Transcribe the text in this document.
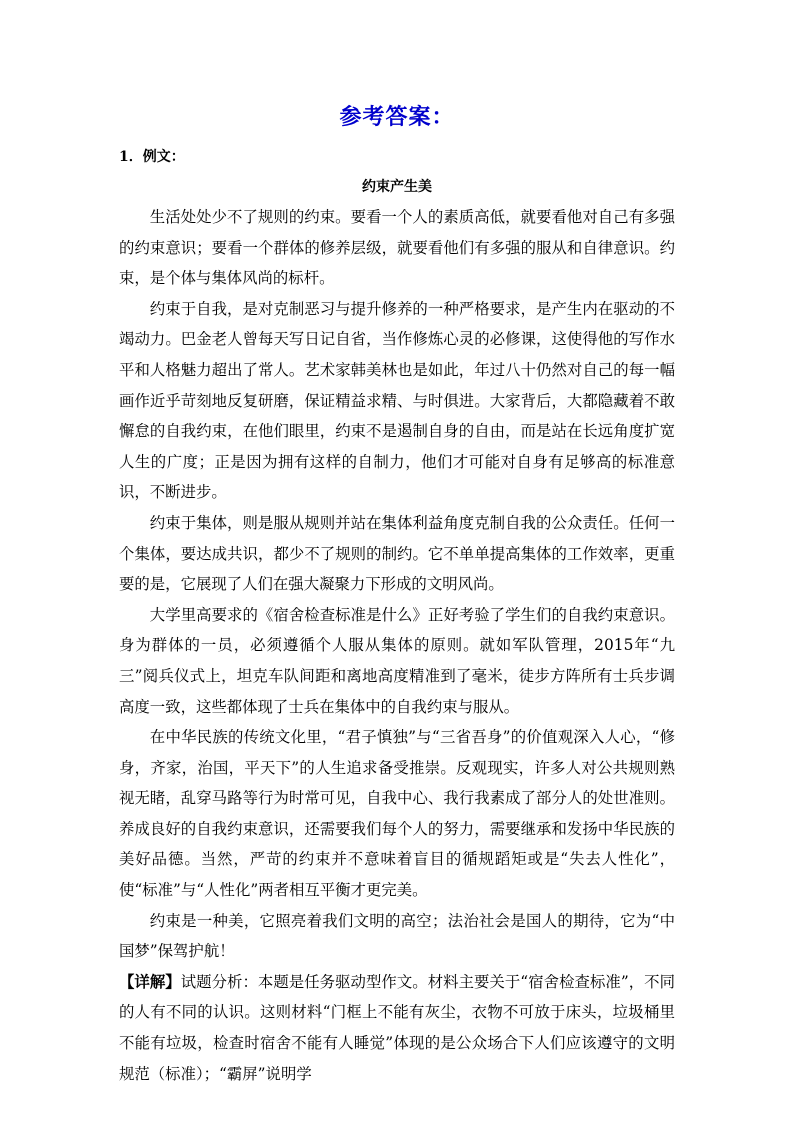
参考答案：
1．例文：
约束产生美

生活处处少不了规则的约束。要看一个人的素质高低，就要看他对自己有多强的约束意识；要看一个群体的修养层级，就要看他们有多强的服从和自律意识。约束，是个体与集体风尚的标杆。

约束于自我，是对克制恶习与提升修养的一种严格要求，是产生内在驱动的不竭动力。巴金老人曾每天写日记自省，当作修炼心灵的必修课，这使得他的写作水平和人格魅力超出了常人。艺术家韩美林也是如此，年过八十仍然对自己的每一幅画作近乎苛刻地反复研磨，保证精益求精、与时俱进。大家背后，大都隐藏着不敢懈怠的自我约束，在他们眼里，约束不是遏制自身的自由，而是站在长远角度扩宽人生的广度；正是因为拥有这样的自制力，他们才可能对自身有足够高的标准意识，不断进步。

约束于集体，则是服从规则并站在集体利益角度克制自我的公众责任。任何一个集体，要达成共识，都少不了规则的制约。它不单单提高集体的工作效率，更重要的是，它展现了人们在强大凝聚力下形成的文明风尚。

大学里高要求的《宿舍检查标准是什么》正好考验了学生们的自我约束意识。身为群体的一员，必须遵循个人服从集体的原则。就如军队管理，2015年“九三”阅兵仪式上，坦克车队间距和离地高度精准到了毫米，徒步方阵所有士兵步调高度一致，这些都体现了士兵在集体中的自我约束与服从。

在中华民族的传统文化里，“君子慎独”与“三省吾身”的价值观深入人心，“修身，齐家，治国，平天下”的人生追求备受推崇。反观现实，许多人对公共规则熟视无睹，乱穿马路等行为时常可见，自我中心、我行我素成了部分人的处世准则。养成良好的自我约束意识，还需要我们每个人的努力，需要继承和发扬中华民族的美好品德。当然，严苛的约束并不意味着盲目的循规蹈矩或是“失去人性化”，使“标准”与“人性化”两者相互平衡才更完美。

约束是一种美，它照亮着我们文明的高空；法治社会是国人的期待，它为“中国梦”保驾护航！

【详解】试题分析：本题是任务驱动型作文。材料主要关于“宿舍检查标准”，不同的人有不同的认识。这则材料“门框上不能有灰尘，衣物不可放于床头，垃圾桶里不能有垃圾，检查时宿舍不能有人睡觉”体现的是公众场合下人们应该遵守的文明规范（标准）；“霸屏”说明学
